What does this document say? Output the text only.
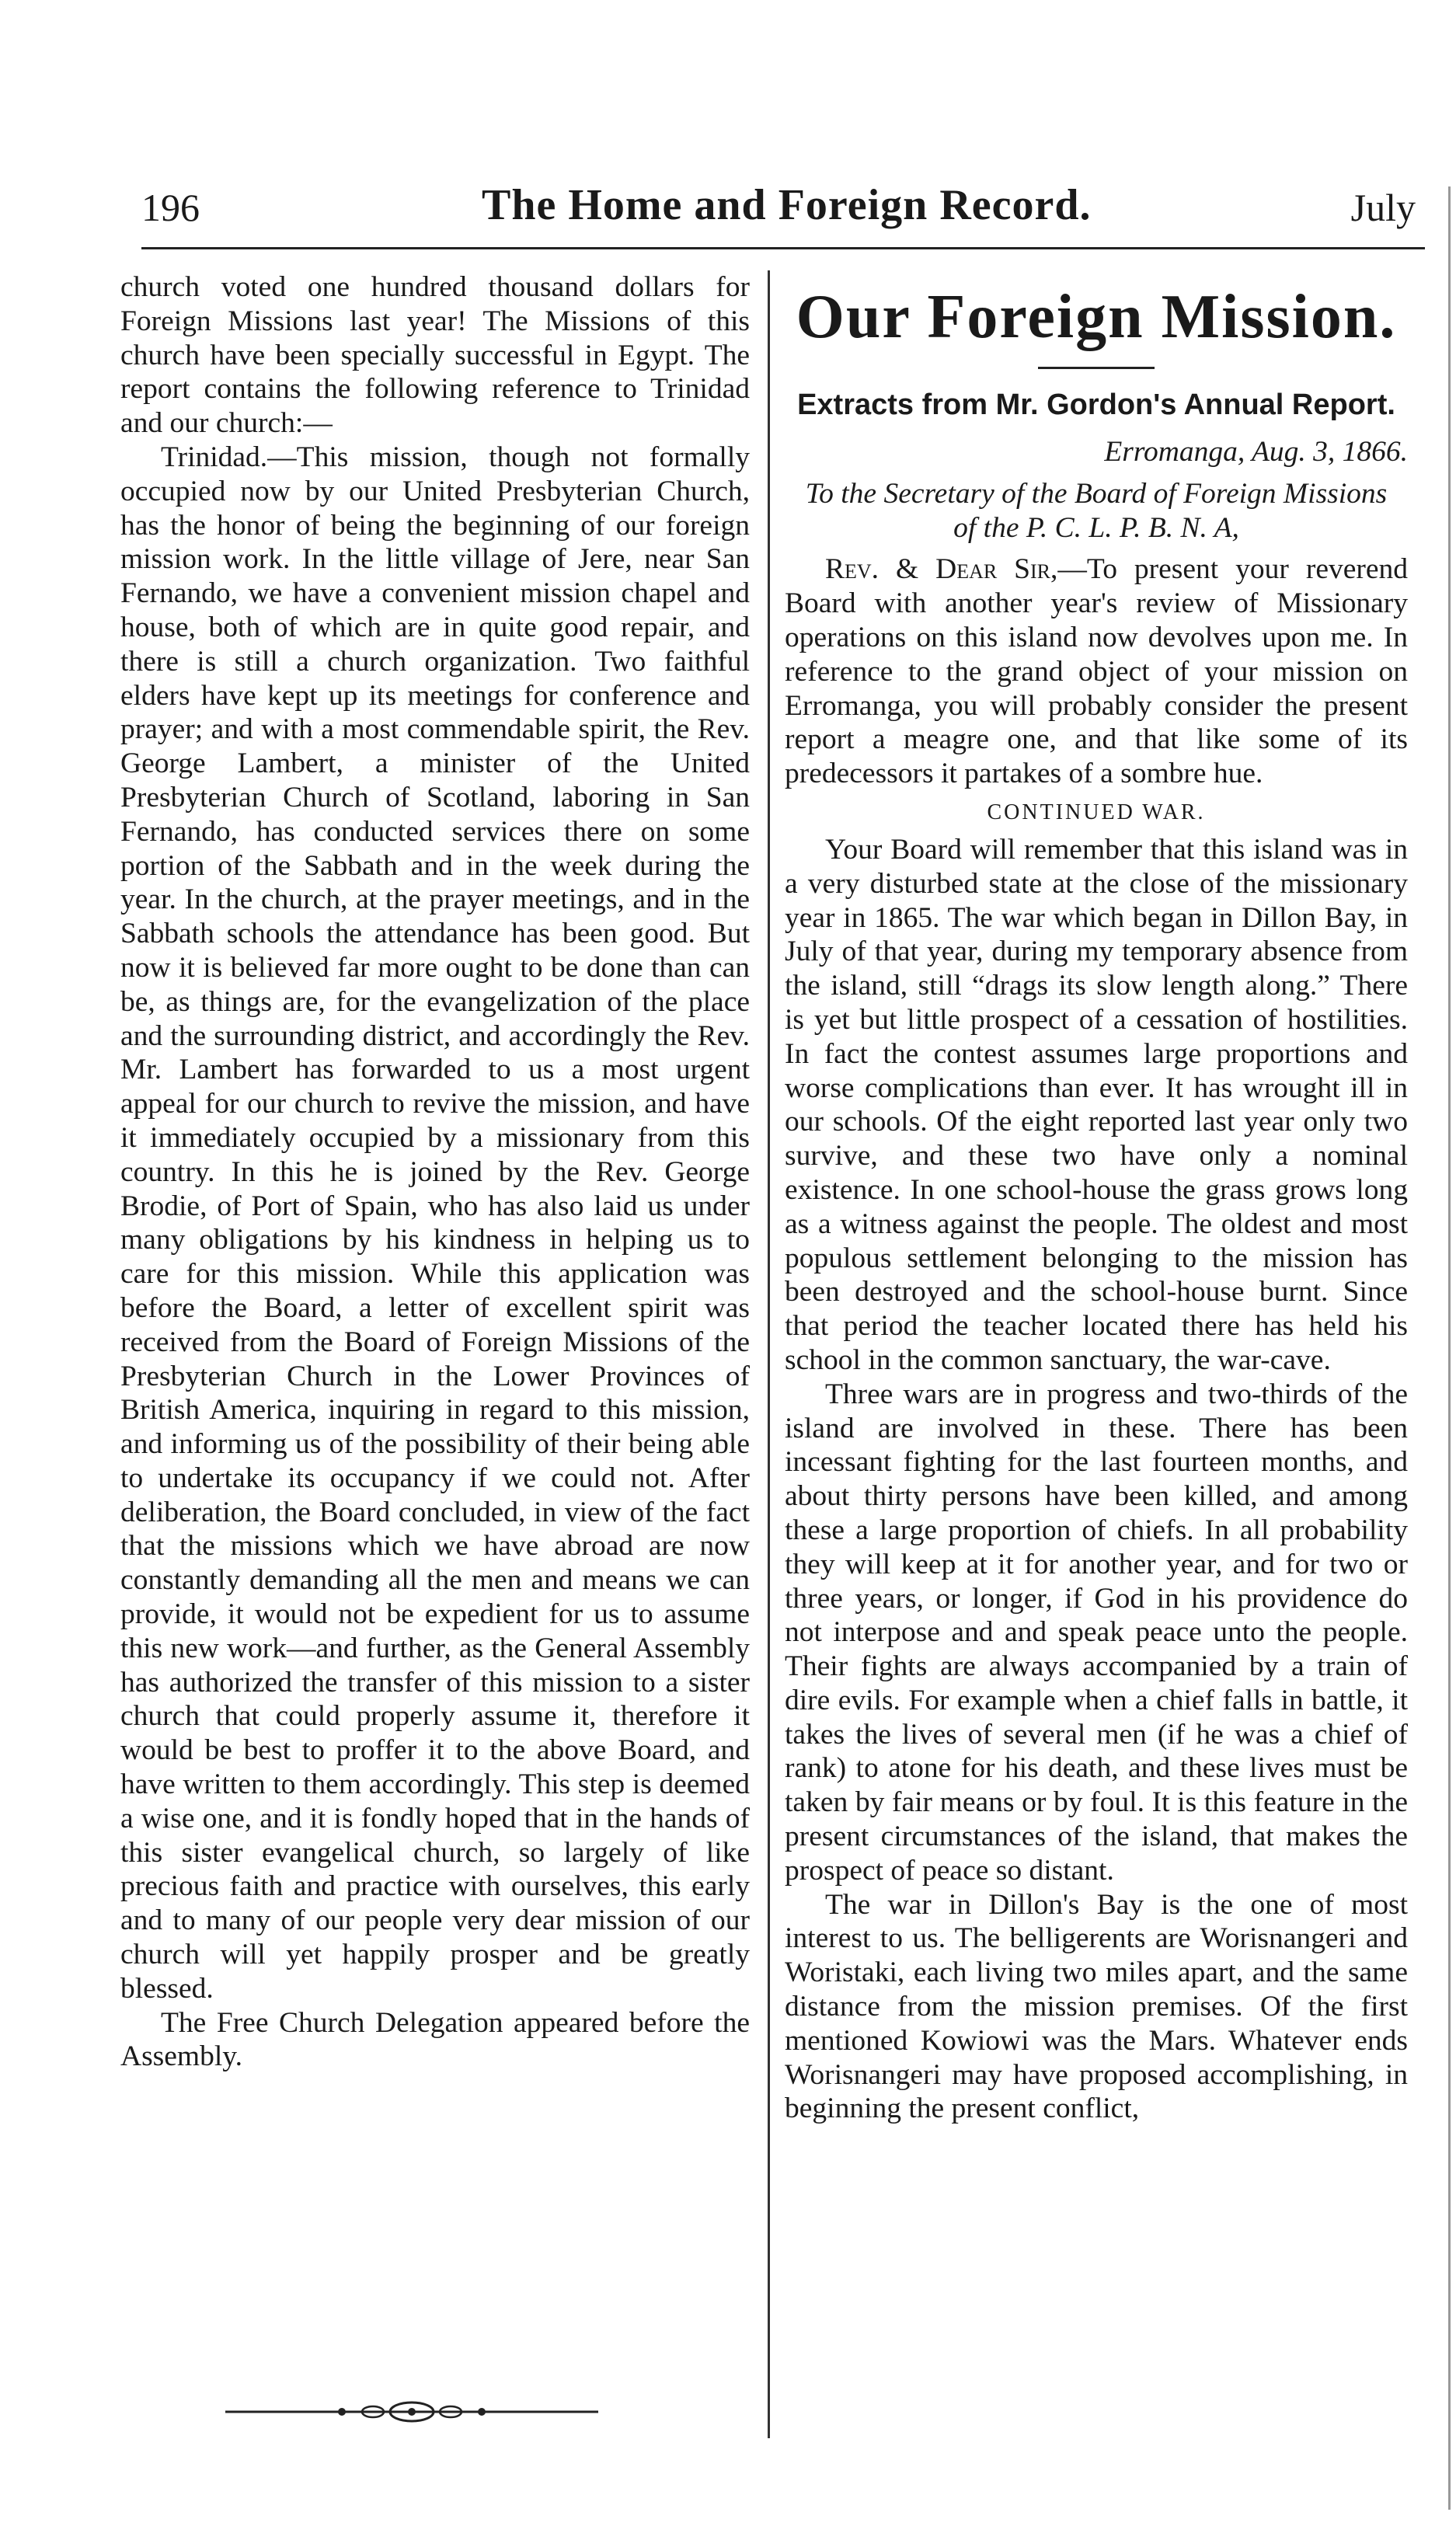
196	The Home and Foreign Record.	July

church voted one hundred thousand dollars for Foreign Missions last year! The Missions of this church have been specially successful in Egypt. The report contains the following reference to Trinidad and our church:—

Trinidad.—This mission, though not formally occupied now by our United Presbyterian Church, has the honor of being the beginning of our foreign mission work. In the little village of Jere, near San Fernando, we have a convenient mission chapel and house, both of which are in quite good repair, and there is still a church organization. Two faithful elders have kept up its meetings for conference and prayer; and with a most commendable spirit, the Rev. George Lambert, a minister of the United Presbyterian Church of Scotland, laboring in San Fernando, has conducted services there on some portion of the Sabbath and in the week during the year. In the church, at the prayer meetings, and in the Sabbath schools the attendance has been good. But now it is believed far more ought to be done than can be, as things are, for the evangelization of the place and the surrounding district, and accordingly the Rev. Mr. Lambert has forwarded to us a most urgent appeal for our church to revive the mission, and have it immediately occupied by a missionary from this country. In this he is joined by the Rev. George Brodie, of Port of Spain, who has also laid us under many obligations by his kindness in helping us to care for this mission. While this application was before the Board, a letter of excellent spirit was received from the Board of Foreign Missions of the Presbyterian Church in the Lower Provinces of British America, inquiring in regard to this mission, and informing us of the possibility of their being able to undertake its occupancy if we could not. After deliberation, the Board concluded, in view of the fact that the missions which we have abroad are now constantly demanding all the men and means we can provide, it would not be expedient for us to assume this new work—and further, as the General Assembly has authorized the transfer of this mission to a sister church that could properly assume it, therefore it would be best to proffer it to the above Board, and have written to them accordingly. This step is deemed a wise one, and it is fondly hoped that in the hands of this sister evangelical church, so largely of like precious faith and practice with ourselves, this early and to many of our people very dear mission of our church will yet happily prosper and be greatly blessed.

The Free Church Delegation appeared before the Assembly.

Our Foreign Mission.
Extracts from Mr. Gordon's Annual Report.
Erromanga, Aug. 3, 1866.
To the Secretary of the Board of Foreign Missions of the P. C. L. P. B. N. A,

Rev. & Dear Sir,—To present your reverend Board with another year's review of Missionary operations on this island now devolves upon me. In reference to the grand object of your mission on Erromanga, you will probably consider the present report a meagre one, and that like some of its predecessors it partakes of a sombre hue.

CONTINUED WAR.

Your Board will remember that this island was in a very disturbed state at the close of the missionary year in 1865. The war which began in Dillon Bay, in July of that year, during my temporary absence from the island, still “drags its slow length along.” There is yet but little prospect of a cessation of hostilities. In fact the contest assumes large proportions and worse complications than ever. It has wrought ill in our schools. Of the eight reported last year only two survive, and these two have only a nominal existence. In one school-house the grass grows long as a witness against the people. The oldest and most populous settlement belonging to the mission has been destroyed and the school-house burnt. Since that period the teacher located there has held his school in the common sanctuary, the war-cave.

Three wars are in progress and two-thirds of the island are involved in these. There has been incessant fighting for the last fourteen months, and about thirty persons have been killed, and among these a large proportion of chiefs. In all probability they will keep at it for another year, and for two or three years, or longer, if God in his providence do not interpose and and speak peace unto the people. Their fights are always accompanied by a train of dire evils. For example when a chief falls in battle, it takes the lives of several men (if he was a chief of rank) to atone for his death, and these lives must be taken by fair means or by foul. It is this feature in the present circumstances of the island, that makes the prospect of peace so distant.

The war in Dillon's Bay is the one of most interest to us. The belligerents are Worisnangeri and Woristaki, each living two miles apart, and the same distance from the mission premises. Of the first mentioned Kowiowi was the Mars. Whatever ends Worisnangeri may have proposed accomplishing, in beginning the present conflict,
